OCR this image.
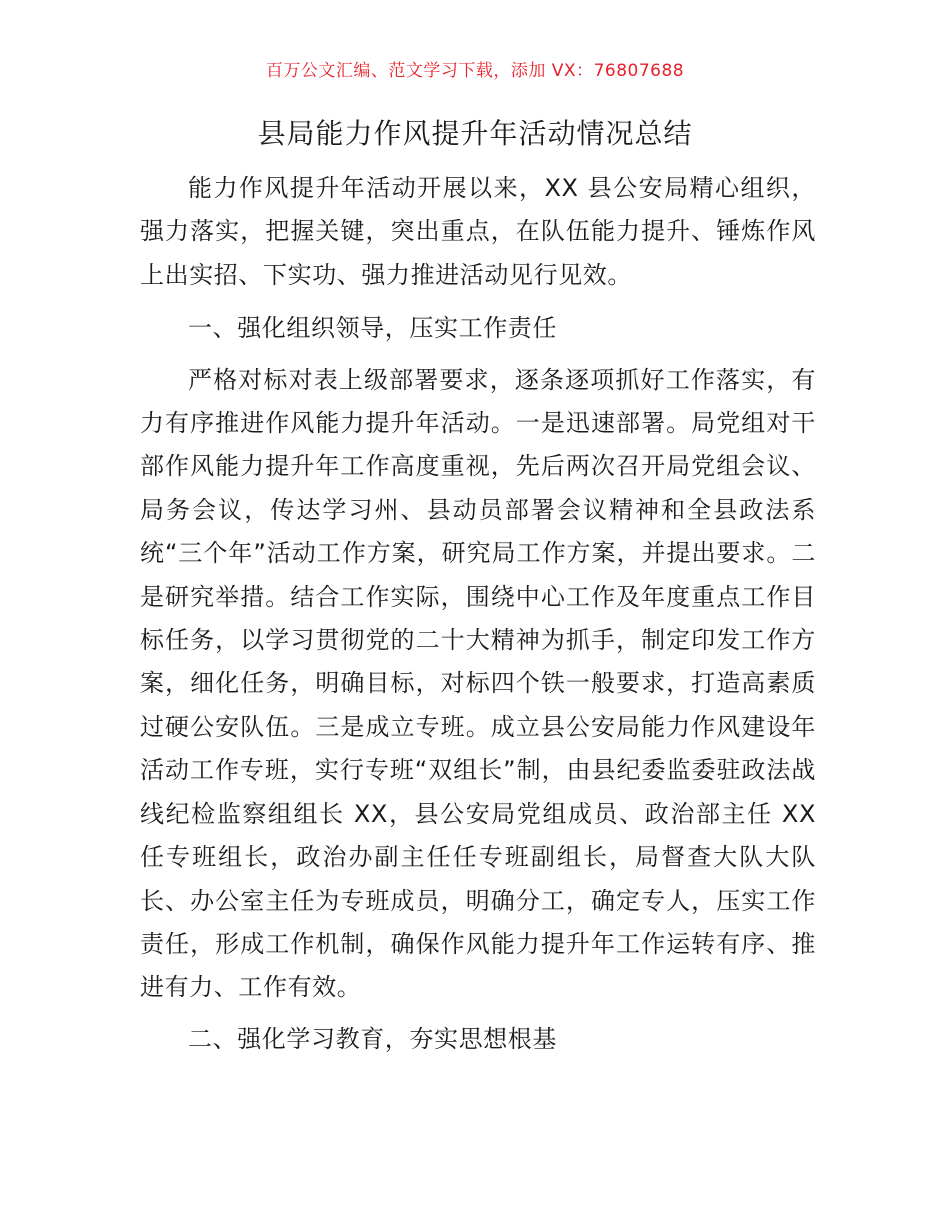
百万公文汇编、范文学习下载，添加 VX：76807688
县局能力作风提升年活动情况总结

能力作风提升年活动开展以来，XX 县公安局精心组织，强力落实，把握关键，突出重点，在队伍能力提升、锤炼作风上出实招、下实功、强力推进活动见行见效。

一、强化组织领导，压实工作责任

严格对标对表上级部署要求，逐条逐项抓好工作落实，有力有序推进作风能力提升年活动。一是迅速部署。局党组对干部作风能力提升年工作高度重视，先后两次召开局党组会议、局务会议，传达学习州、县动员部署会议精神和全县政法系统“三个年”活动工作方案，研究局工作方案，并提出要求。二是研究举措。结合工作实际，围绕中心工作及年度重点工作目标任务，以学习贯彻党的二十大精神为抓手，制定印发工作方案，细化任务，明确目标，对标四个铁一般要求，打造高素质过硬公安队伍。三是成立专班。成立县公安局能力作风建设年活动工作专班，实行专班“双组长”制，由县纪委监委驻政法战线纪检监察组组长 XX，县公安局党组成员、政治部主任 XX 任专班组长，政治办副主任任专班副组长，局督查大队大队长、办公室主任为专班成员，明确分工，确定专人，压实工作责任，形成工作机制，确保作风能力提升年工作运转有序、推进有力、工作有效。

二、强化学习教育，夯实思想根基
